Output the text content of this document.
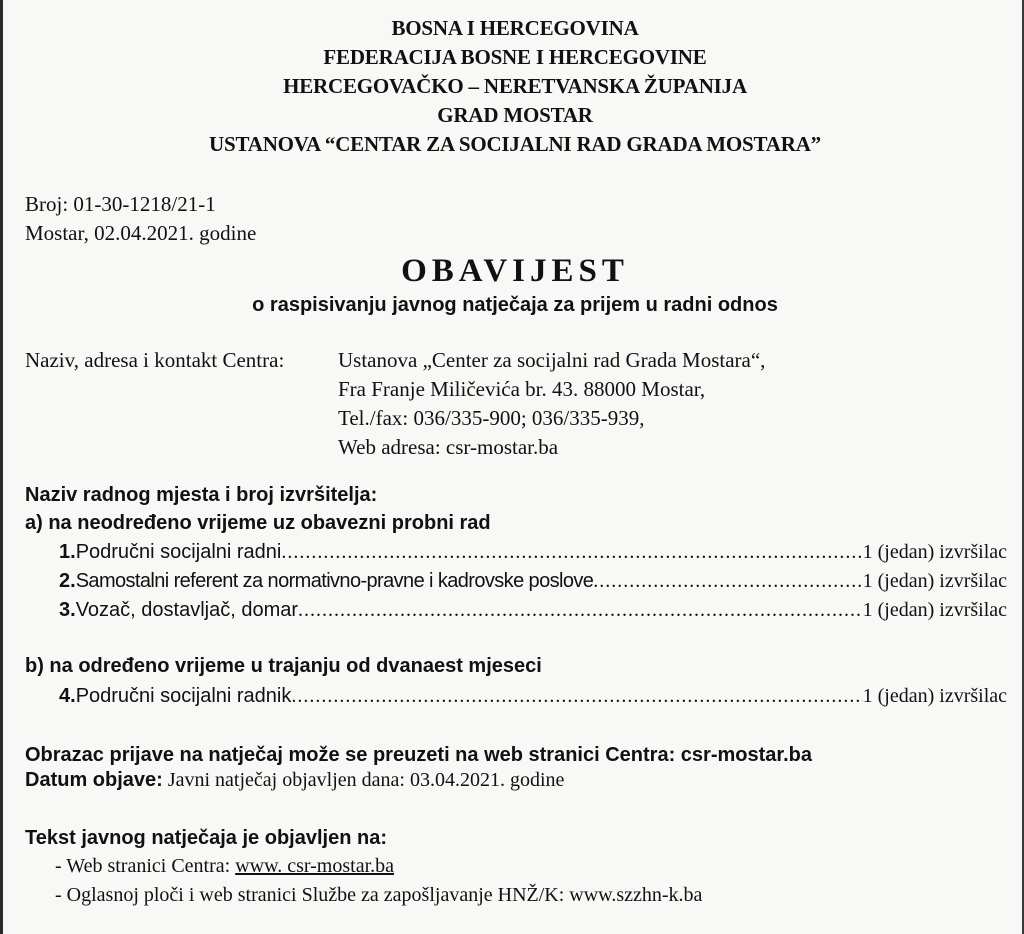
BOSNA I HERCEGOVINA
FEDERACIJA BOSNE I HERCEGOVINE
HERCEGOVAČKO – NERETVANSKA ŽUPANIJA
GRAD MOSTAR
USTANOVA “CENTAR ZA SOCIJALNI RAD GRADA MOSTARA”
Broj: 01-30-1218/21-1
Mostar, 02.04.2021. godine
OBAVIJEST
o raspisivanju javnog natječaja za prijem u radni odnos
Naziv, adresa i kontakt Centra:	Ustanova „Center za socijalni rad Grada Mostara“,
Fra Franje Miličevića br. 43. 88000 Mostar,
Tel./fax: 036/335-900; 036/335-939,
Web adresa: csr-mostar.ba
Naziv radnog mjesta i broj izvršitelja:
a) na neodređeno vrijeme uz obavezni probni rad
1. Područni socijalni radni .....	1 (jedan) izvršilac
2. Samostalni referent za normativno-pravne i kadrovske poslove .....	1 (jedan) izvršilac
3. Vozač, dostavljač, domar .....	1 (jedan) izvršilac
b) na određeno vrijeme u trajanju od dvanaest mjeseci
4. Područni socijalni radnik .....	1 (jedan) izvršilac
Obrazac prijave na natječaj može se preuzeti na web stranici Centra: csr-mostar.ba
Datum objave: Javni natječaj objavljen dana: 03.04.2021. godine
Tekst javnog natječaja je objavljen na:
- Web stranici Centra: www. csr-mostar.ba
- Oglasnoj ploči i web stranici Službe za zapošljavanje HNŽ/K: www.szzhn-k.ba
